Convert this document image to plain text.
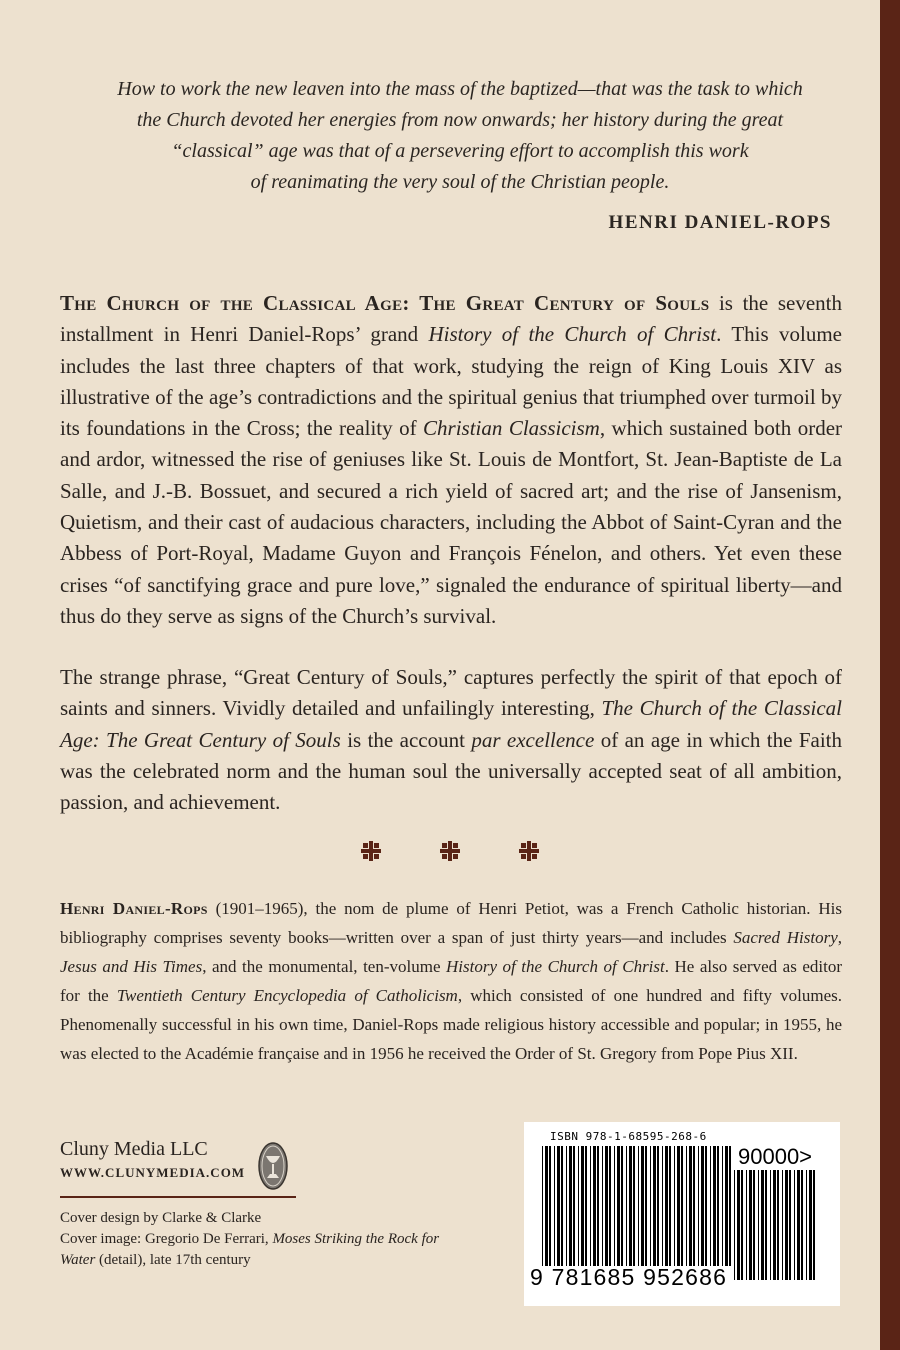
How to work the new leaven into the mass of the baptized—that was the task to which
the Church devoted her energies from now onwards; her history during the great
“classical” age was that of a persevering effort to accomplish this work
of reanimating the very soul of the Christian people.
HENRI DANIEL-ROPS

The Church of the Classical Age: The Great Century of Souls is the seventh installment in Henri Daniel-Rops’ grand History of the Church of Christ. This volume includes the last three chapters of that work, studying the reign of King Louis XIV as illustrative of the age’s contradictions and the spiritual genius that triumphed over turmoil by its foundations in the Cross; the reality of Christian Classicism, which sustained both order and ardor, witnessed the rise of geniuses like St. Louis de Montfort, St. Jean-Baptiste de La Salle, and J.-B. Bossuet, and secured a rich yield of sacred art; and the rise of Jansenism, Quietism, and their cast of audacious characters, including the Abbot of Saint-Cyran and the Abbess of Port-Royal, Madame Guyon and François Fénelon, and others. Yet even these crises “of sanctifying grace and pure love,” signaled the endurance of spiritual liberty—and thus do they serve as signs of the Church’s survival.

The strange phrase, “Great Century of Souls,” captures perfectly the spirit of that epoch of saints and sinners. Vividly detailed and unfailingly interesting, The Church of the Classical Age: The Great Century of Souls is the account par excellence of an age in which the Faith was the celebrated norm and the human soul the universally accepted seat of all ambition, passion, and achievement.

Henri Daniel-Rops (1901–1965), the nom de plume of Henri Petiot, was a French Catholic historian. His bibliography comprises seventy books—written over a span of just thirty years—and includes Sacred History, Jesus and His Times, and the monumental, ten-volume History of the Church of Christ. He also served as editor for the Twentieth Century Encyclopedia of Catholicism, which consisted of one hundred and fifty volumes. Phenomenally successful in his own time, Daniel-Rops made religious history accessible and popular; in 1955, he was elected to the Académie française and in 1956 he received the Order of St. Gregory from Pope Pius XII.

Cluny Media LLC
WWW.CLUNYMEDIA.COM
Cover design by Clarke & Clarke
Cover image: Gregorio De Ferrari, Moses Striking the Rock for Water (detail), late 17th century
ISBN 978-1-68595-268-6
90000>
9 781685 952686
